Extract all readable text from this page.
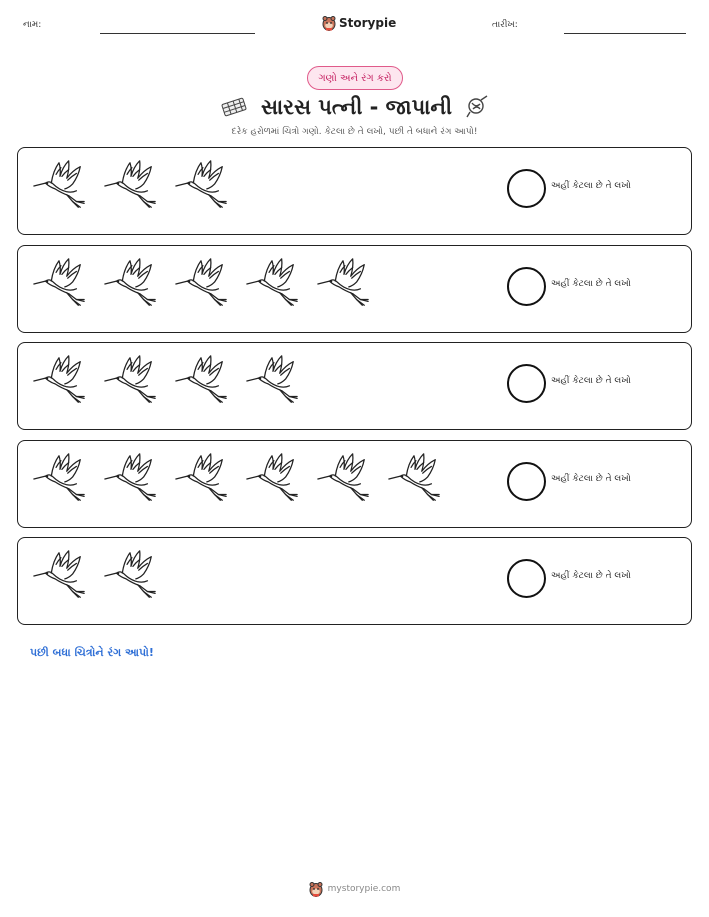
નામ:	Storypie	તારીખ:
ગણો અને રંગ કરો
સારસ પત્ની - જાપાની
દરેક હરોળમાં ચિત્રો ગણો. કેટલા છે તે લખો, પછી તે બધાને રંગ આપો!
અહીં કેટલા છે તે લખો
અહીં કેટલા છે તે લખો
અહીં કેટલા છે તે લખો
અહીં કેટલા છે તે લખો
અહીં કેટલા છે તે લખો
પછી બધા ચિત્રોને રંગ આપો!
mystorypie.com
